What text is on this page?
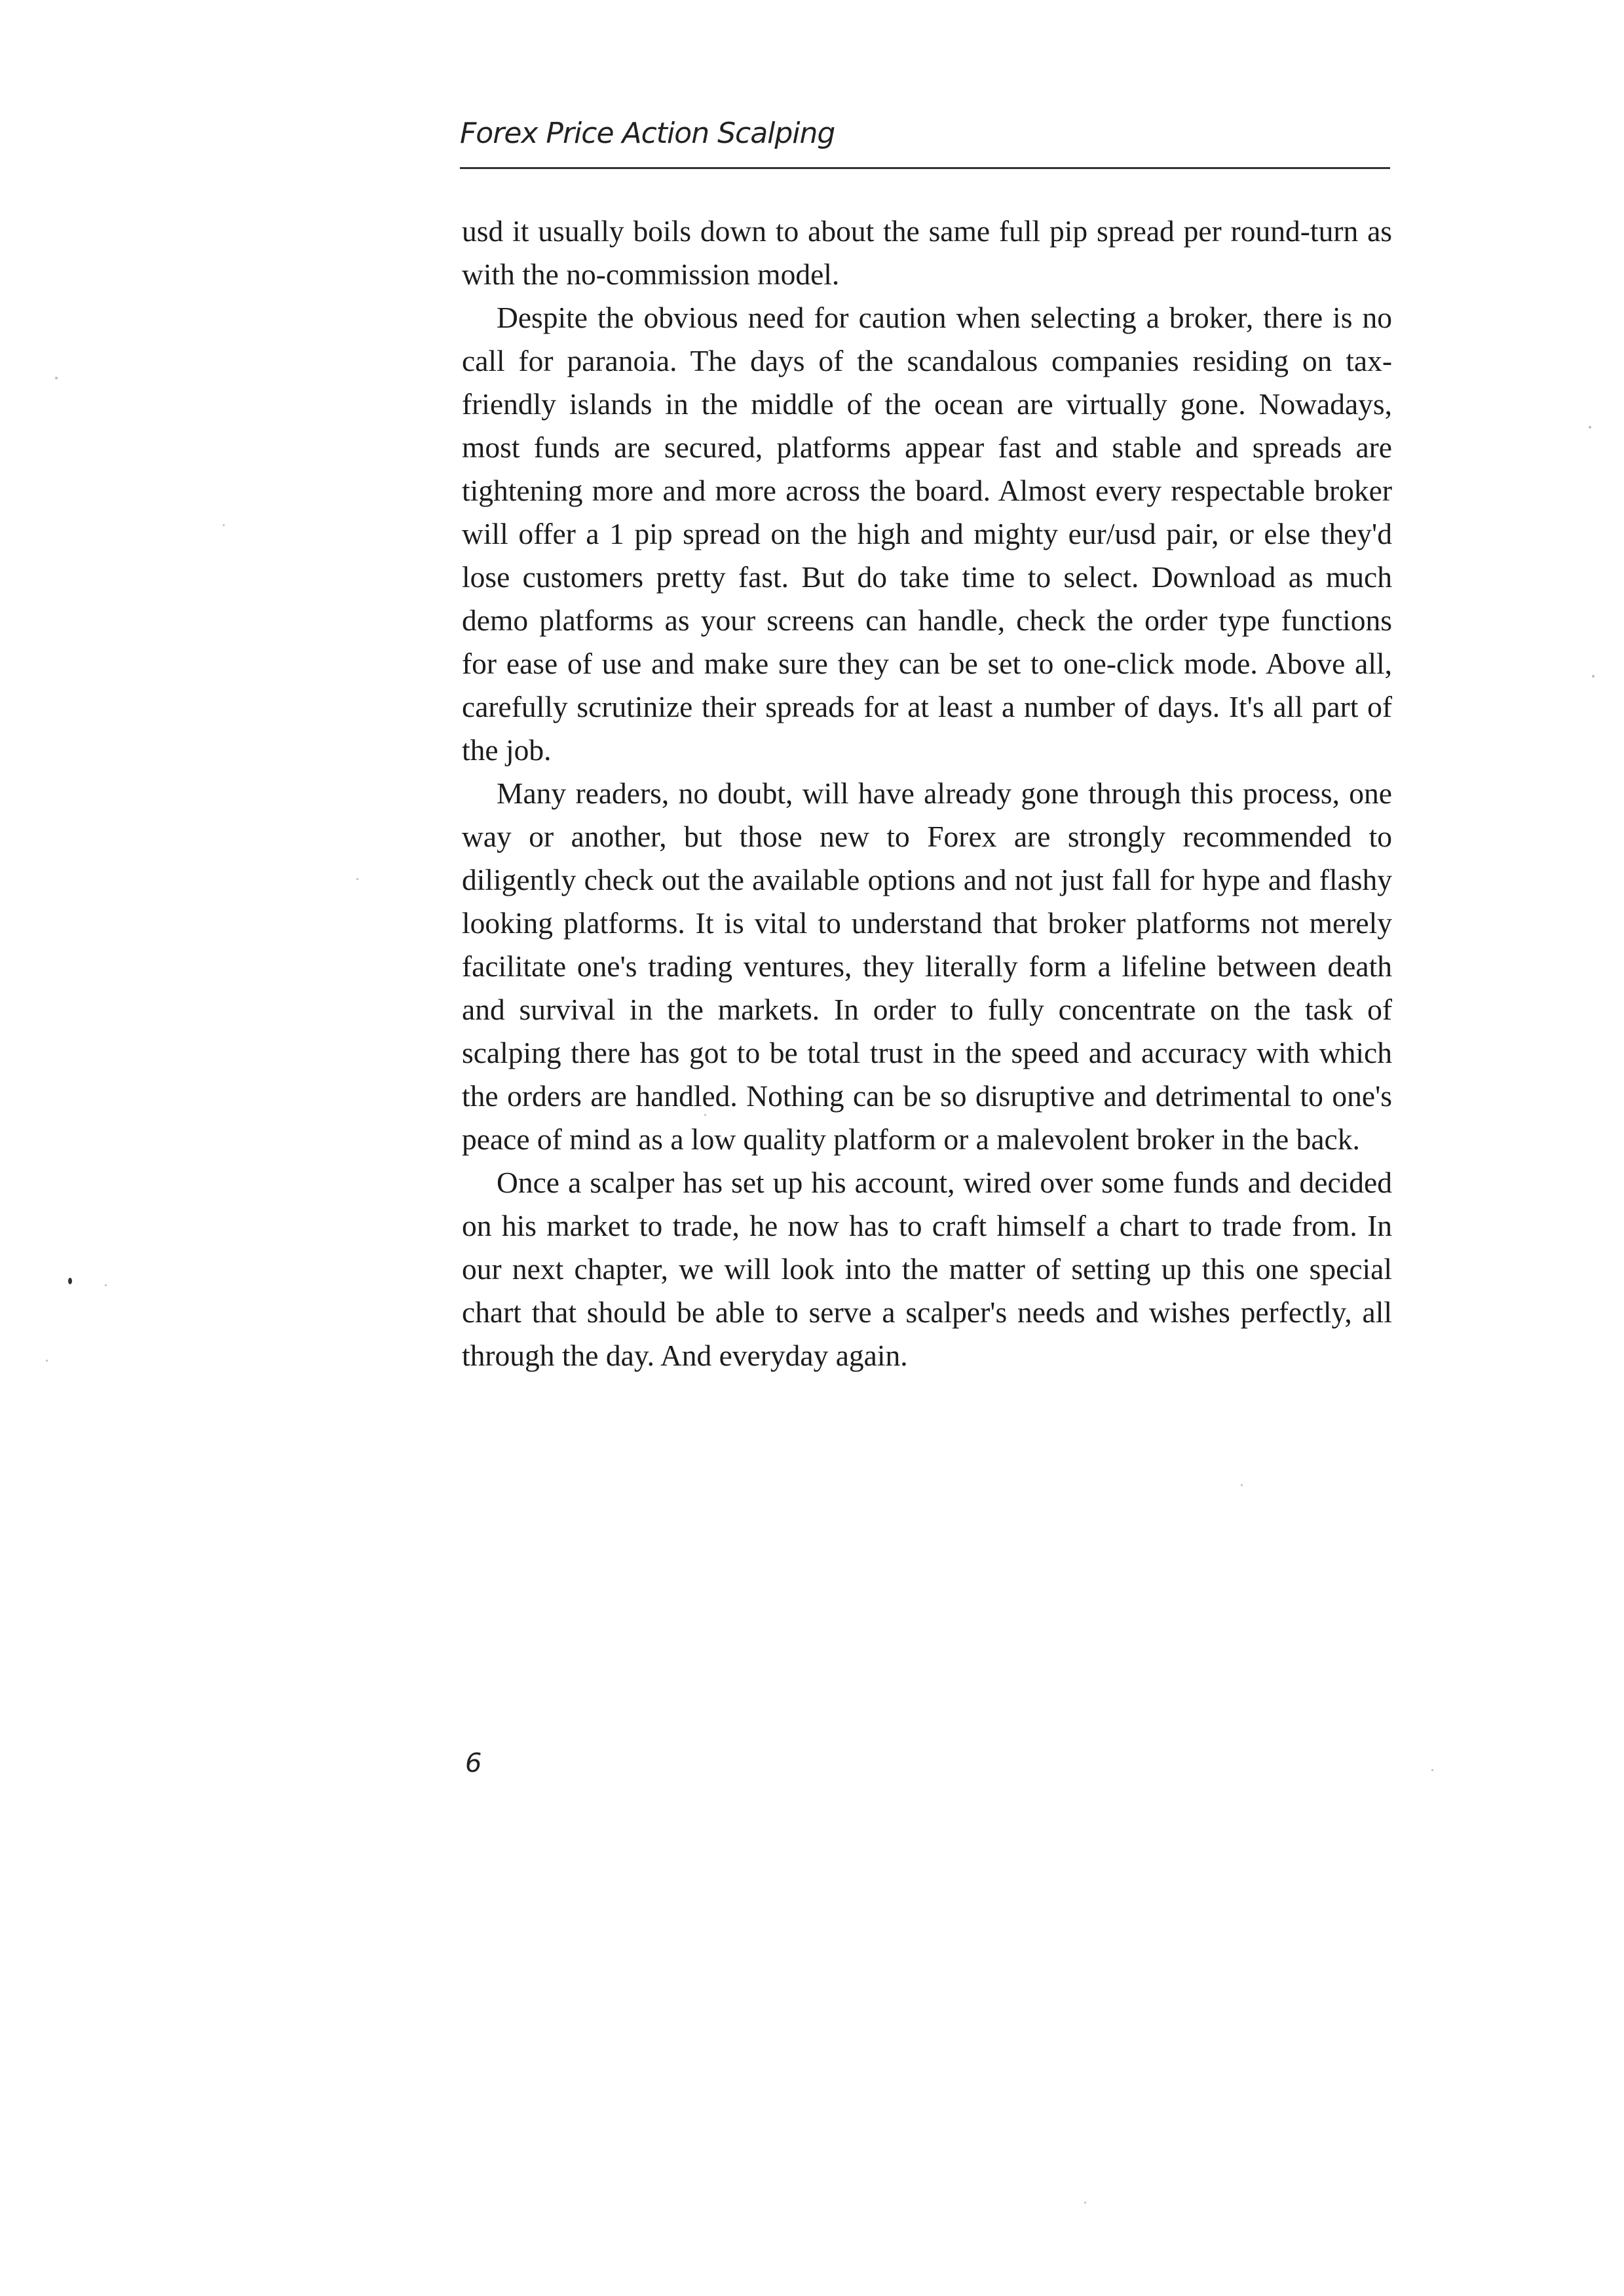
Forex Price Action Scalping

usd it usually boils down to about the same full pip spread per round-turn as with the no-commission model.

Despite the obvious need for caution when selecting a broker, there is no call for paranoia. The days of the scandalous companies residing on tax-friendly islands in the middle of the ocean are virtually gone. Nowadays, most funds are secured, platforms appear fast and stable and spreads are tightening more and more across the board. Almost every respectable broker will offer a 1 pip spread on the high and mighty eur/usd pair, or else they'd lose customers pretty fast. But do take time to select. Download as much demo platforms as your screens can handle, check the order type functions for ease of use and make sure they can be set to one-click mode. Above all, carefully scrutinize their spreads for at least a number of days. It's all part of the job.

Many readers, no doubt, will have already gone through this process, one way or another, but those new to Forex are strongly recommended to diligently check out the available options and not just fall for hype and flashy looking platforms. It is vital to understand that broker platforms not merely facilitate one's trading ventures, they literally form a lifeline between death and survival in the markets. In order to fully concentrate on the task of scalping there has got to be total trust in the speed and accuracy with which the orders are handled. Nothing can be so disruptive and detrimental to one's peace of mind as a low quality platform or a malevolent broker in the back.

Once a scalper has set up his account, wired over some funds and decided on his market to trade, he now has to craft himself a chart to trade from. In our next chapter, we will look into the matter of setting up this one special chart that should be able to serve a scalper's needs and wishes perfectly, all through the day. And everyday again.

6
